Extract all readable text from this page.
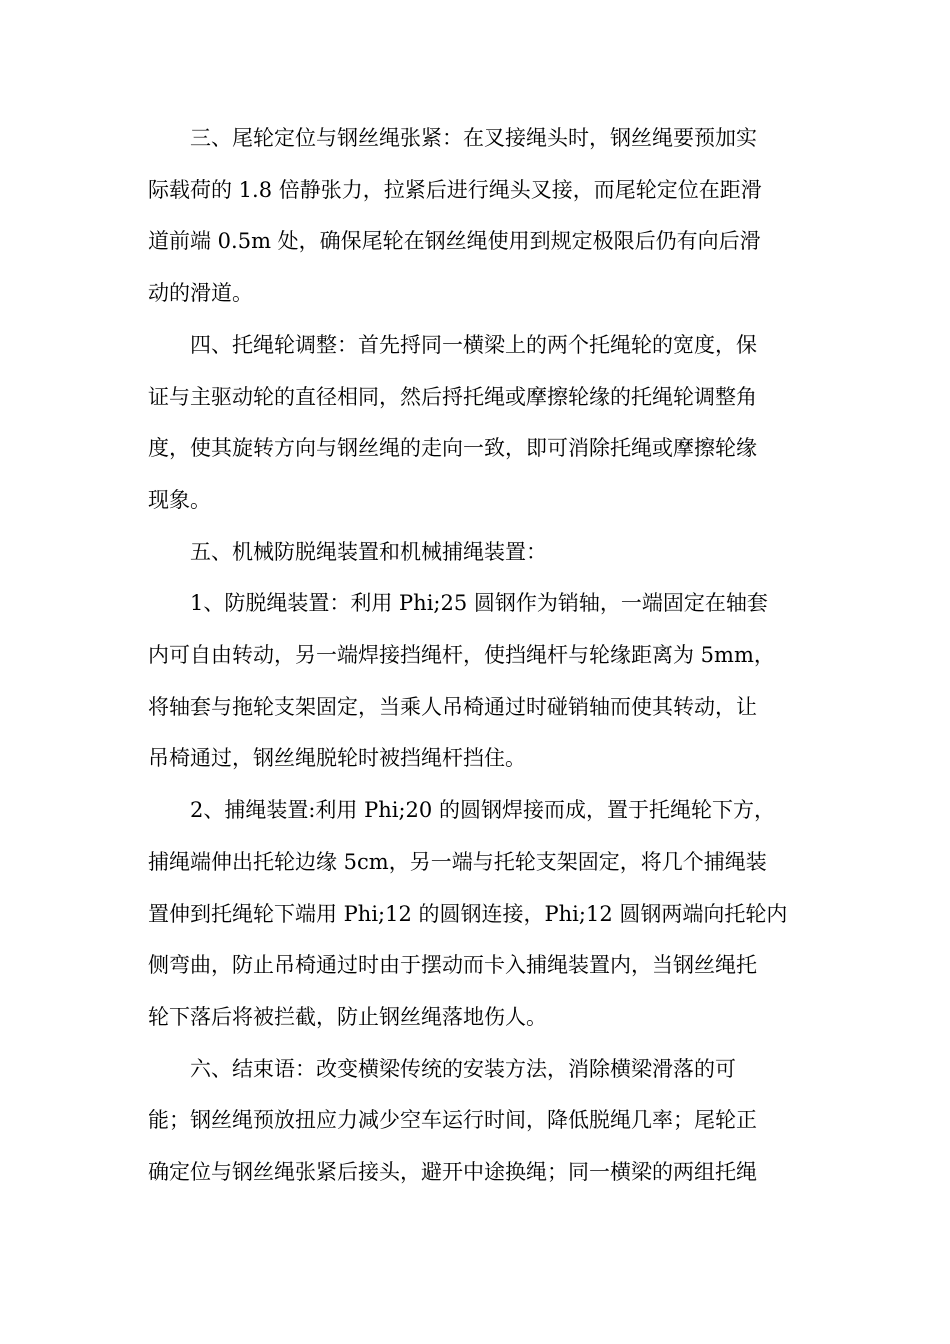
三、尾轮定位与钢丝绳张紧：在叉接绳头时，钢丝绳要预加实
际载荷的 1.8 倍静张力，拉紧后进行绳头叉接，而尾轮定位在距滑
道前端 0.5m 处，确保尾轮在钢丝绳使用到规定极限后仍有向后滑
动的滑道。

四、托绳轮调整：首先捋同一横梁上的两个托绳轮的宽度，保
证与主驱动轮的直径相同，然后捋托绳或摩擦轮缘的托绳轮调整角
度，使其旋转方向与钢丝绳的走向一致，即可消除托绳或摩擦轮缘
现象。

五、机械防脱绳装置和机械捕绳装置：

1、防脱绳装置：利用 Phi;25 圆钢作为销轴，一端固定在轴套
内可自由转动，另一端焊接挡绳杆，使挡绳杆与轮缘距离为 5mm，
将轴套与拖轮支架固定，当乘人吊椅通过时碰销轴而使其转动，让
吊椅通过，钢丝绳脱轮时被挡绳杆挡住。

2、捕绳装置:利用 Phi;20 的圆钢焊接而成，置于托绳轮下方，
捕绳端伸出托轮边缘 5cm，另一端与托轮支架固定，将几个捕绳装
置伸到托绳轮下端用 Phi;12 的圆钢连接，Phi;12 圆钢两端向托轮内
侧弯曲，防止吊椅通过时由于摆动而卡入捕绳装置内，当钢丝绳托
轮下落后将被拦截，防止钢丝绳落地伤人。

六、结束语：改变横梁传统的安装方法，消除横梁滑落的可
能；钢丝绳预放扭应力减少空车运行时间，降低脱绳几率；尾轮正
确定位与钢丝绳张紧后接头，避开中途换绳；同一横梁的两组托绳
